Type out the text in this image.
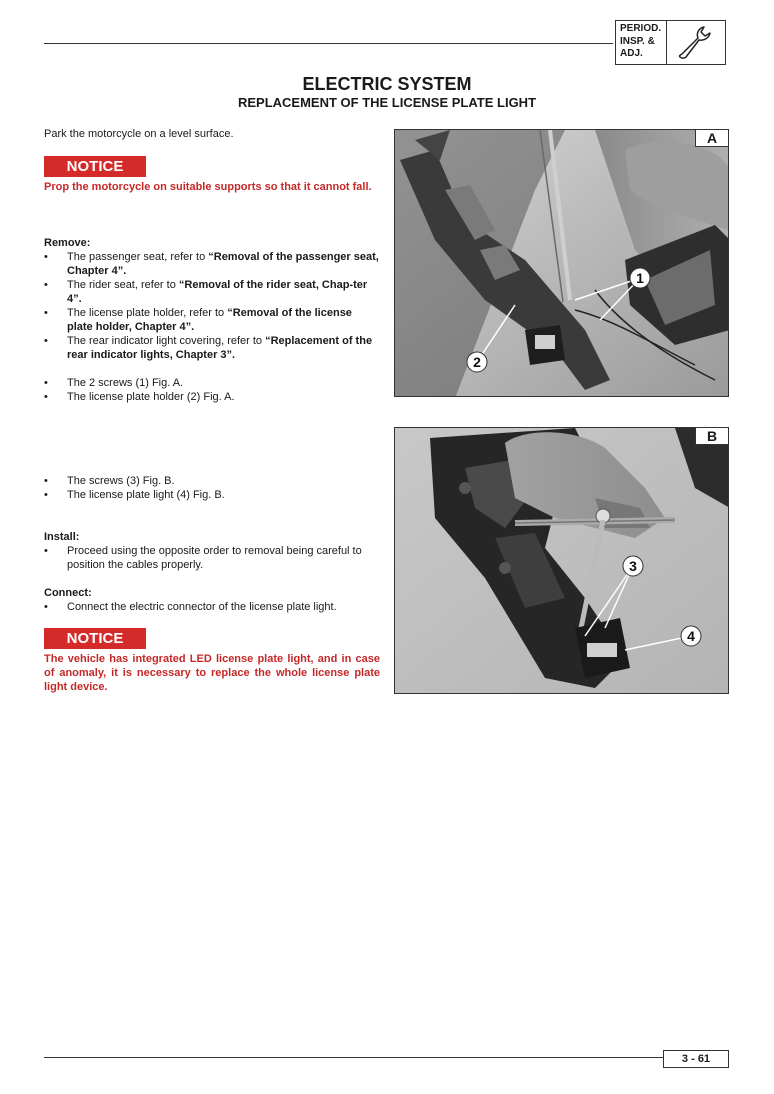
PERIOD.
INSP. &
ADJ.
ELECTRIC SYSTEM
REPLACEMENT OF THE LICENSE PLATE LIGHT
Park the motorcycle on a level surface.
NOTICE
Prop the motorcycle on suitable supports so that it cannot fall.
Remove:
• The passenger seat, refer to “Removal of the passenger seat, Chapter 4”.
• The rider seat, refer to “Removal of the rider seat, Chap-ter 4”.
• The license plate holder, refer to “Removal of the license plate holder, Chapter 4”.
• The rear indicator light covering, refer to “Replacement of the rear indicator lights, Chapter 3”.
• The 2 screws (1) Fig. A.
• The license plate holder (2) Fig. A.
• The screws (3) Fig. B.
• The license plate light (4) Fig. B.
Install:
• Proceed using the opposite order to removal being careful to position the cables properly.
Connect:
• Connect the electric connector of the license plate light.
NOTICE
The vehicle has integrated LED license plate light, and in case of anomaly, it is necessary to replace the whole license plate light device.
1
2
A
3
4
B
3 - 61
